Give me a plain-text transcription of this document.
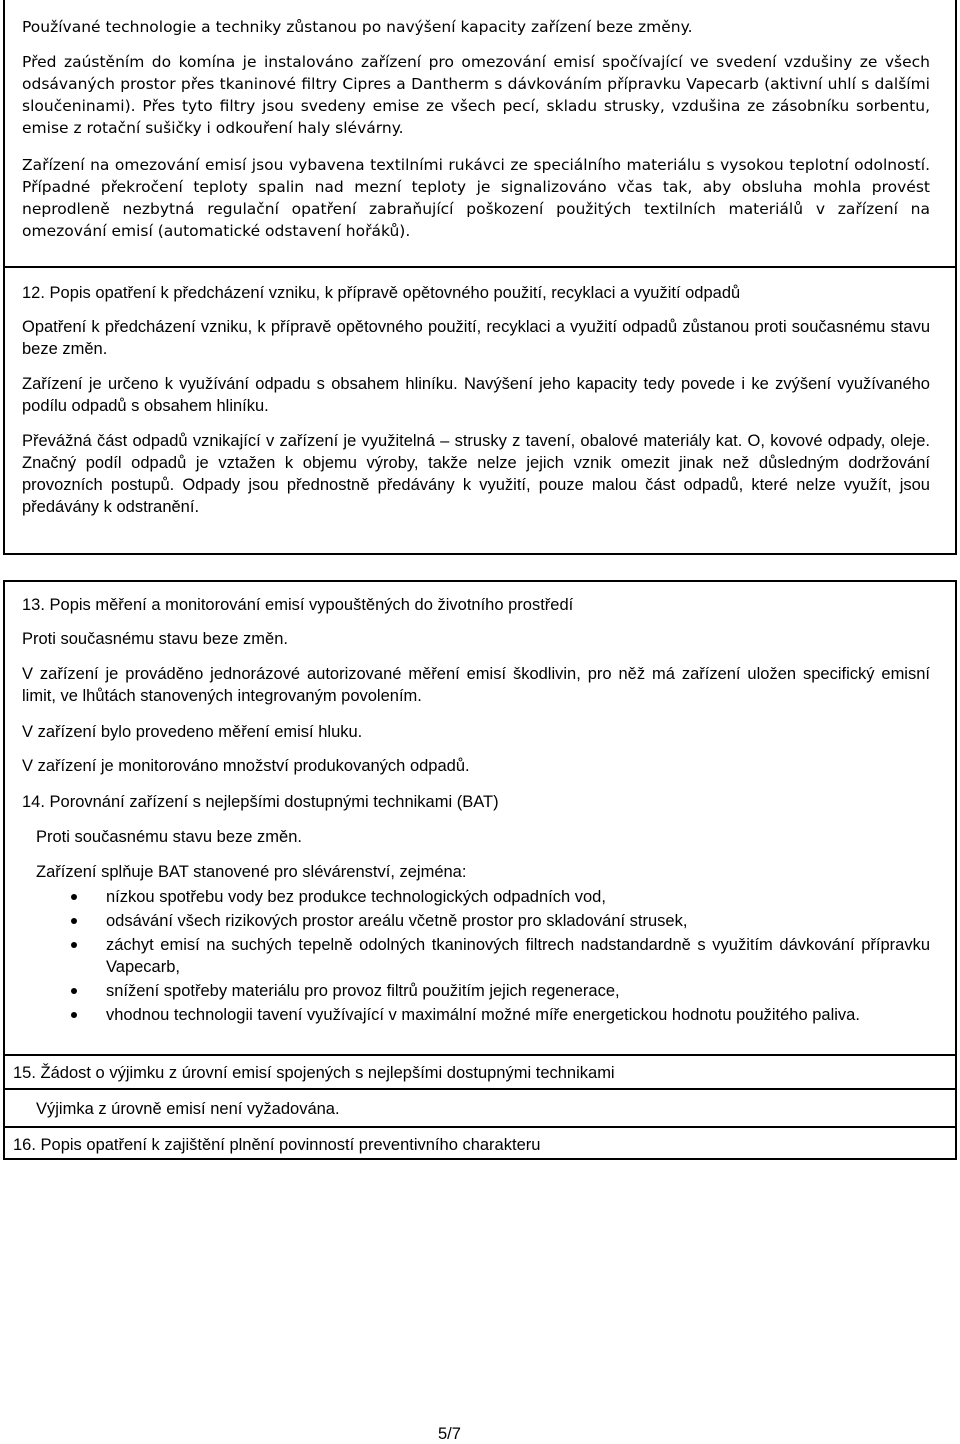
Používané technologie a techniky zůstanou po navýšení kapacity zařízení beze změny.

Před zaústěním do komína je instalováno zařízení pro omezování emisí spočívající ve svedení vzdušiny ze všech odsávaných prostor přes tkaninové filtry Cipres a Dantherm s dávkováním přípravku Vapecarb (aktivní uhlí s dalšími sloučeninami). Přes tyto filtry jsou svedeny emise ze všech pecí, skladu strusky, vzdušina ze zásobníku sorbentu, emise z rotační sušičky i odkouření haly slévárny.

Zařízení na omezování emisí jsou vybavena textilními rukávci ze speciálního materiálu s vysokou teplotní odolností. Případné překročení teploty spalin nad mezní teploty je signalizováno včas tak, aby obsluha mohla provést neprodleně nezbytná regulační opatření zabraňující poškození použitých textilních materiálů v zařízení na omezování emisí (automatické odstavení hořáků).

12. Popis opatření k předcházení vzniku, k přípravě opětovného použití, recyklaci a využití odpadů

Opatření k předcházení vzniku, k přípravě opětovného použití, recyklaci a využití odpadů zůstanou proti současnému stavu beze změn.

Zařízení je určeno k využívání odpadu s obsahem hliníku. Navýšení jeho kapacity tedy povede i ke zvýšení využívaného podílu odpadů s obsahem hliníku.

Převážná část odpadů vznikající v zařízení je využitelná – strusky z tavení, obalové materiály kat. O, kovové odpady, oleje. Značný podíl odpadů je vztažen k objemu výroby, takže nelze jejich vznik omezit jinak než důsledným dodržování provozních postupů. Odpady jsou přednostně předávány k využití, pouze malou část odpadů, které nelze využít, jsou předávány k odstranění.

13. Popis měření a monitorování emisí vypouštěných do životního prostředí

Proti současnému stavu beze změn.

V zařízení je prováděno jednorázové autorizované měření emisí škodlivin, pro něž má zařízení uložen specifický emisní limit, ve lhůtách stanovených integrovaným povolením.

V zařízení bylo provedeno měření emisí hluku.

V zařízení je monitorováno množství produkovaných odpadů.

14. Porovnání zařízení s nejlepšími dostupnými technikami (BAT)

Proti současnému stavu beze změn.

Zařízení splňuje BAT stanovené pro slévárenství, zejména:

nízkou spotřebu vody bez produkce technologických odpadních vod,
odsávání všech rizikových prostor areálu včetně prostor pro skladování strusek,
záchyt emisí na suchých tepelně odolných tkaninových filtrech nadstandardně s využitím dávkování přípravku Vapecarb,
snížení spotřeby materiálu pro provoz filtrů použitím jejich regenerace,
vhodnou technologii tavení využívající v maximální možné míře energetickou hodnotu použitého paliva.
15. Žádost o výjimku z úrovní emisí spojených s nejlepšími dostupnými technikami

Výjimka z úrovně emisí není vyžadována.

16. Popis opatření k zajištění plnění povinností preventivního charakteru
5/7
